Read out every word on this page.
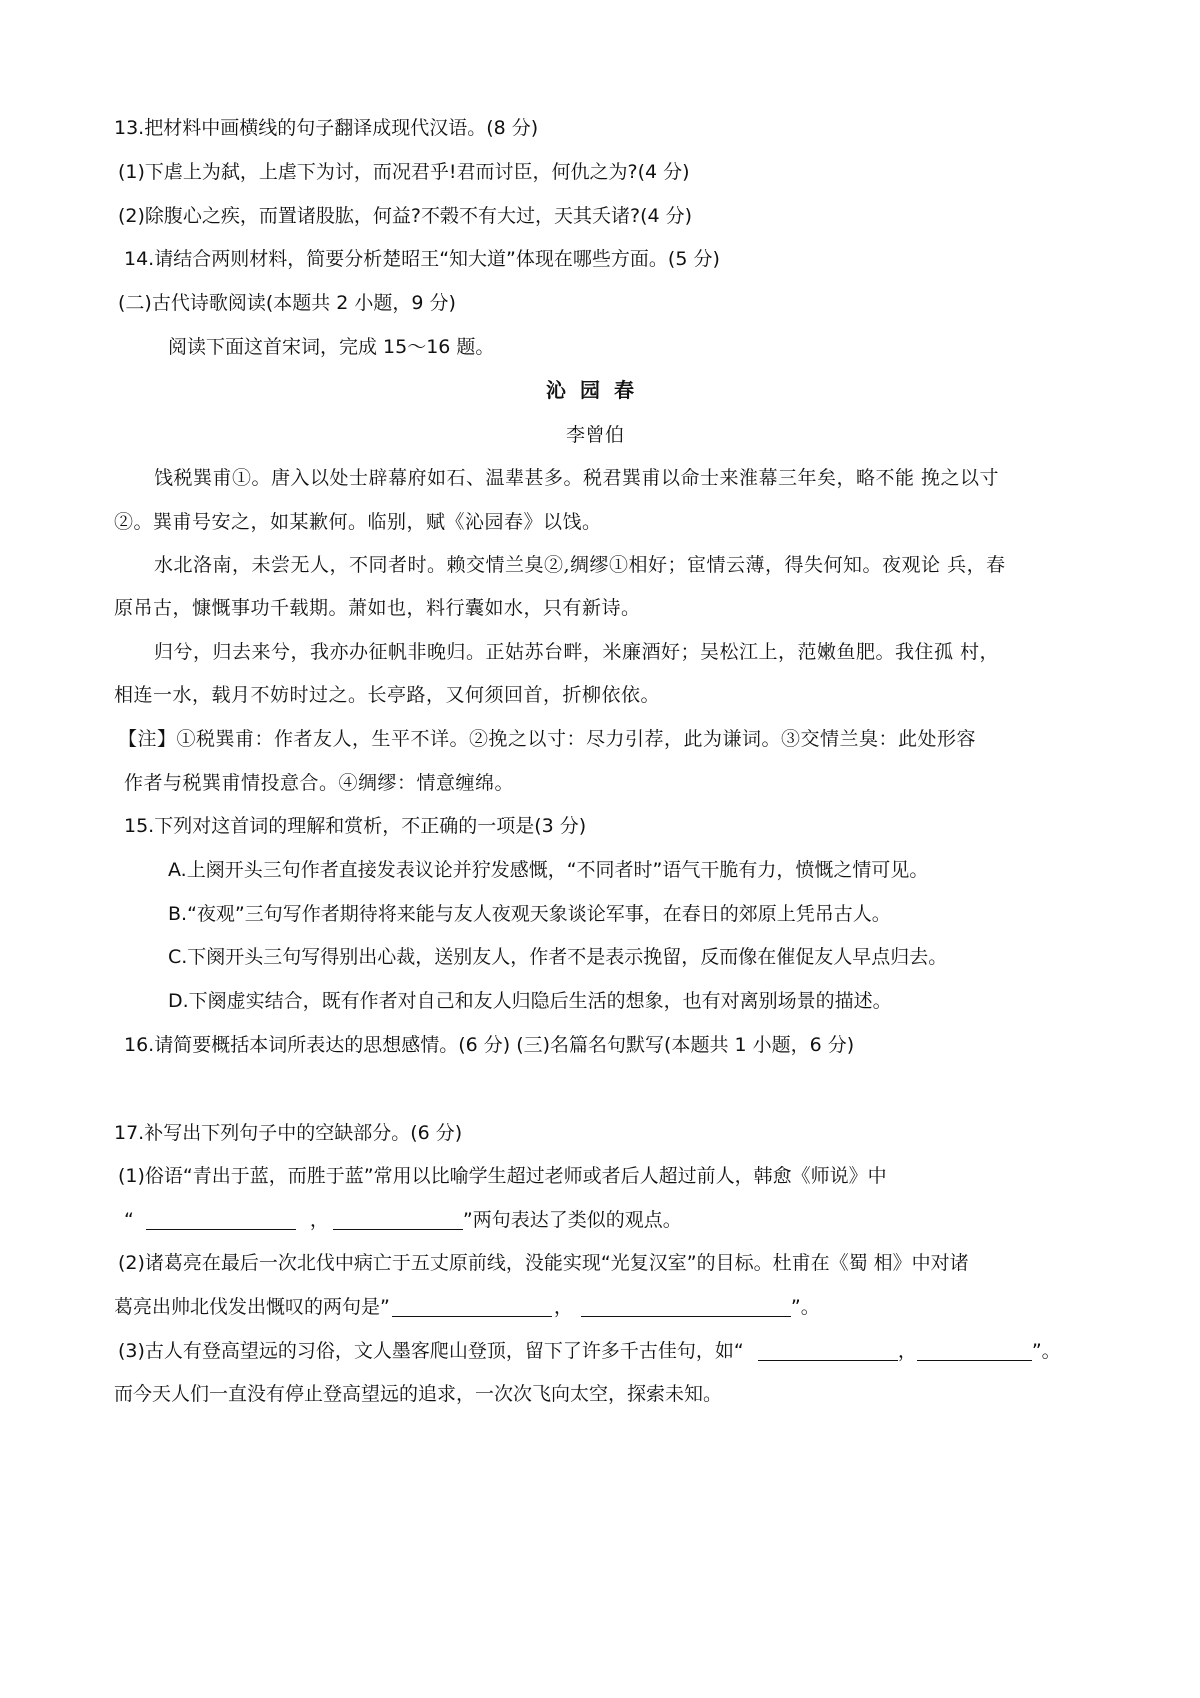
13.把材料中画横线的句子翻译成现代汉语。(8 分)
(1)下虐上为弑，上虐下为讨，而况君乎!君而讨臣，何仇之为?(4 分)
(2)除腹心之疾，而置诸股肱，何益?不榖不有大过，天其夭诸?(4 分)
14.请结合两则材料，简要分析楚昭王“知大道”体现在哪些方面。(5 分)
(二)古代诗歌阅读(本题共 2 小题，9 分)
阅读下面这首宋词，完成 15～16 题。
沁园春
李曾伯
饯税巽甫①。唐入以处士辟幕府如石、温辈甚多。税君巽甫以命士来淮幕三年矣，略不能 挽之以寸
②。巽甫号安之，如某歉何。临别，赋《沁园春》以饯。
水北洛南，未尝无人，不同者时。赖交情兰臭②,绸缪①相好；宦情云薄，得失何知。夜观论 兵，春
原吊古，慷慨事功千载期。萧如也，料行囊如水，只有新诗。
归兮，归去来兮，我亦办征帆非晚归。正姑苏台畔，米廉酒好；吴松江上，范嫩鱼肥。我住孤 村，
相连一水，载月不妨时过之。长亭路，又何须回首，折柳依依。
【注】①税巽甫：作者友人，生平不详。②挽之以寸：尽力引荐，此为谦词。③交情兰臭：此处形容
作者与税巽甫情投意合。④绸缪：情意缠绵。
15.下列对这首词的理解和赏析，不正确的一项是(3 分)
A.上阕开头三句作者直接发表议论并狞发感慨，“不同者时”语气干脆有力，愤慨之情可见。
B.“夜观”三句写作者期待将来能与友人夜观天象谈论军事，在春日的郊原上凭吊古人。
C.下阕开头三句写得别出心裁，送别友人，作者不是表示挽留，反而像在催促友人早点归去。
D.下阕虚实结合，既有作者对自己和友人归隐后生活的想象，也有对离别场景的描述。
16.请简要概括本词所表达的思想感情。(6 分) (三)名篇名句默写(本题共 1 小题，6 分)
17.补写出下列句子中的空缺部分。(6 分)
(1)俗语“青出于蓝，而胜于蓝”常用以比喻学生超过老师或者后人超过前人，韩愈《师说》中
“	，	”两句表达了类似的观点。
(2)诸葛亮在最后一次北伐中病亡于五丈原前线，没能实现“光复汉室”的目标。杜甫在《蜀 相》中对诸
葛亮出帅北伐发出慨叹的两句是”	，	”。
(3)古人有登高望远的习俗，文人墨客爬山登顶，留下了许多千古佳句，如“	，	”。
而今天人们一直没有停止登高望远的追求，一次次飞向太空，探索未知。
